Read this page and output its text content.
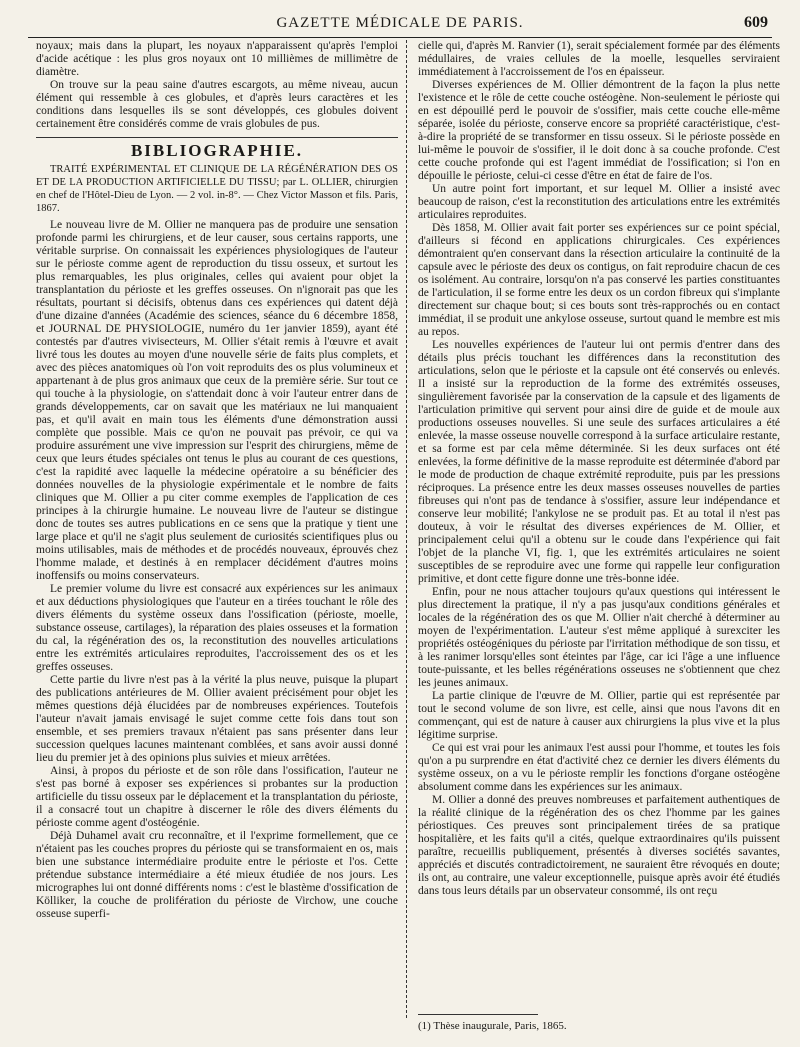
GAZETTE MÉDICALE DE PARIS.	609

noyaux; mais dans la plupart, les noyaux n'apparaissent qu'après l'emploi d'acide acétique : les plus gros noyaux ont 10 millièmes de millimètre de diamètre.

On trouve sur la peau saine d'autres escargots, au même niveau, aucun élément qui ressemble à ces globules, et d'après leurs caractères et les conditions dans lesquelles ils se sont développés, ces globules doivent certainement être considérés comme de vrais globules de pus.

BIBLIOGRAPHIE.

TRAITÉ EXPÉRIMENTAL ET CLINIQUE DE LA RÉGÉNÉRATION DES OS ET DE LA PRODUCTION ARTIFICIELLE DU TISSU; par L. OLLIER, chirurgien en chef de l'Hôtel-Dieu de Lyon. — 2 vol. in-8°. — Chez Victor Masson et fils. Paris, 1867.

Le nouveau livre de M. Ollier ne manquera pas de produire une sensation profonde parmi les chirurgiens, et de leur causer, sous certains rapports, une véritable surprise. On connaissait les expériences physiologiques de l'auteur sur le périoste comme agent de reproduction du tissu osseux, et surtout les plus remarquables, les plus originales, celles qui avaient pour objet la transplantation du périoste et les greffes osseuses. On n'ignorait pas que les résultats, pourtant si décisifs, obtenus dans ces expériences qui datent déjà d'une dizaine d'années (Académie des sciences, séance du 6 décembre 1858, et JOURNAL DE PHYSIOLOGIE, numéro du 1er janvier 1859), ayant été contestés par d'autres vivisecteurs, M. Ollier s'était remis à l'œuvre et avait livré tous les doutes au moyen d'une nouvelle série de faits plus complets, et avec des pièces anatomiques où l'on voit reproduits des os plus volumineux et appartenant à de plus gros animaux que ceux de la première série. Sur tout ce qui touche à la physiologie, on s'attendait donc à voir l'auteur entrer dans de grands développements, car on savait que les matériaux ne lui manquaient pas, et qu'il avait en main tous les éléments d'une démonstration aussi complète que possible. Mais ce qu'on ne pouvait pas prévoir, ce qui va produire assurément une vive impression sur l'esprit des chirurgiens, même de ceux que leurs études spéciales ont tenus le plus au courant de ces questions, c'est la rapidité avec laquelle la médecine opératoire a su bénéficier des données nouvelles de la physiologie expérimentale et le nombre de faits cliniques que M. Ollier a pu citer comme exemples de l'application de ces principes à la chirurgie humaine. Le nouveau livre de l'auteur se distingue donc de toutes ses autres publications en ce sens que la pratique y tient une large place et qu'il ne s'agit plus seulement de curiosités scientifiques plus ou moins utilisables, mais de méthodes et de procédés nouveaux, éprouvés chez l'homme malade, et destinés à en remplacer décidément d'autres moins inoffensifs ou moins conservateurs.

Le premier volume du livre est consacré aux expériences sur les animaux et aux déductions physiologiques que l'auteur en a tirées touchant le rôle des divers éléments du système osseux dans l'ossification (périoste, moelle, substance osseuse, cartilages), la réparation des plaies osseuses et la formation du cal, la régénération des os, la reconstitution des nouvelles articulations entre les extrémités articulaires reproduites, l'accroissement des os et les greffes osseuses.

Cette partie du livre n'est pas à la vérité la plus neuve, puisque la plupart des publications antérieures de M. Ollier avaient précisément pour objet les mêmes questions déjà élucidées par de nombreuses expériences. Toutefois l'auteur n'avait jamais envisagé le sujet comme cette fois dans tout son ensemble, et ses premiers travaux n'étaient pas sans présenter dans leur succession quelques lacunes maintenant comblées, et sans avoir aussi donné lieu du premier jet à des opinions plus suivies et mieux arrêtées.

Ainsi, à propos du périoste et de son rôle dans l'ossification, l'auteur ne s'est pas borné à exposer ses expériences si probantes sur la production artificielle du tissu osseux par le déplacement et la transplantation du périoste, il a consacré tout un chapitre à discerner le rôle des divers éléments du périoste comme agent d'ostéogénie.

Déjà Duhamel avait cru reconnaître, et il l'exprime formellement, que ce n'étaient pas les couches propres du périoste qui se transformaient en os, mais bien une substance intermédiaire produite entre le périoste et l'os. Cette prétendue substance intermédiaire a été mieux étudiée de nos jours. Les micrographes lui ont donné différents noms : c'est le blastème d'ossification de Kölliker, la couche de prolifération du périoste de Virchow, une couche osseuse superfi-

cielle qui, d'après M. Ranvier (1), serait spécialement formée par des éléments médullaires, de vraies cellules de la moelle, lesquelles serviraient immédiatement à l'accroissement de l'os en épaisseur.

Diverses expériences de M. Ollier démontrent de la façon la plus nette l'existence et le rôle de cette couche ostéogène. Non-seulement le périoste qui en est dépouillé perd le pouvoir de s'ossifier, mais cette couche elle-même séparée, isolée du périoste, conserve encore sa propriété caractéristique, c'est-à-dire la propriété de se transformer en tissu osseux. Si le périoste possède en lui-même le pouvoir de s'ossifier, il le doit donc à sa couche profonde. C'est cette couche profonde qui est l'agent immédiat de l'ossification; si l'on en dépouille le périoste, celui-ci cesse d'être en état de faire de l'os.

Un autre point fort important, et sur lequel M. Ollier a insisté avec beaucoup de raison, c'est la reconstitution des articulations entre les extrémités articulaires reproduites.

Dès 1858, M. Ollier avait fait porter ses expériences sur ce point spécial, d'ailleurs si fécond en applications chirurgicales. Ces expériences démontraient qu'en conservant dans la résection articulaire la continuité de la capsule avec le périoste des deux os contigus, on fait reproduire chacun de ces os isolément. Au contraire, lorsqu'on n'a pas conservé les parties constituantes de l'articulation, il se forme entre les deux os un cordon fibreux qui s'implante directement sur chaque bout; si ces bouts sont très-rapprochés ou en contact immédiat, il se produit une ankylose osseuse, surtout quand le membre est mis au repos.

Les nouvelles expériences de l'auteur lui ont permis d'entrer dans des détails plus précis touchant les différences dans la reconstitution des articulations, selon que le périoste et la capsule ont été conservés ou enlevés. Il a insisté sur la reproduction de la forme des extrémités osseuses, singulièrement favorisée par la conservation de la capsule et des ligaments de l'articulation primitive qui servent pour ainsi dire de guide et de moule aux productions osseuses nouvelles. Si une seule des surfaces articulaires a été enlevée, la masse osseuse nouvelle correspond à la surface articulaire restante, et sa forme est par cela même déterminée. Si les deux surfaces ont été enlevées, la forme définitive de la masse reproduite est déterminée d'abord par le mode de production de chaque extrémité reproduite, puis par les pressions réciproques. La présence entre les deux masses osseuses nouvelles de parties fibreuses qui n'ont pas de tendance à s'ossifier, assure leur indépendance et conserve leur mobilité; l'ankylose ne se produit pas. Et au total il n'est pas douteux, à voir le résultat des diverses expériences de M. Ollier, et principalement celui qu'il a obtenu sur le coude dans l'expérience qui fait l'objet de la planche VI, fig. 1, que les extrémités articulaires ne soient susceptibles de se reproduire avec une forme qui rappelle leur configuration primitive, et dont cette figure donne une très-bonne idée.

Enfin, pour ne nous attacher toujours qu'aux questions qui intéressent le plus directement la pratique, il n'y a pas jusqu'aux conditions générales et locales de la régénération des os que M. Ollier n'ait cherché à déterminer au moyen de l'expérimentation. L'auteur s'est même appliqué à surexciter les propriétés ostéogéniques du périoste par l'irritation méthodique de son tissu, et à les ranimer lorsqu'elles sont éteintes par l'âge, car ici l'âge a une influence toute-puissante, et les belles régénérations osseuses ne s'obtiennent que chez les jeunes animaux.

La partie clinique de l'œuvre de M. Ollier, partie qui est représentée par tout le second volume de son livre, est celle, ainsi que nous l'avons dit en commençant, qui est de nature à causer aux chirurgiens la plus vive et la plus légitime surprise.

Ce qui est vrai pour les animaux l'est aussi pour l'homme, et toutes les fois qu'on a pu surprendre en état d'activité chez ce dernier les divers éléments du système osseux, on a vu le périoste remplir les fonctions d'organe ostéogène absolument comme dans les expériences sur les animaux.

M. Ollier a donné des preuves nombreuses et parfaitement authentiques de la réalité clinique de la régénération des os chez l'homme par les gaines périostiques. Ces preuves sont principalement tirées de sa pratique hospitalière, et les faits qu'il a cités, quelque extraordinaires qu'ils puissent paraître, recueillis publiquement, présentés à diverses sociétés savantes, appréciés et discutés contradictoirement, ne sauraient être révoqués en doute; ils ont, au contraire, une valeur exceptionnelle, puisque après avoir été étudiés dans tous leurs détails par un observateur consommé, ils ont reçu

(1) Thèse inaugurale, Paris, 1865.
